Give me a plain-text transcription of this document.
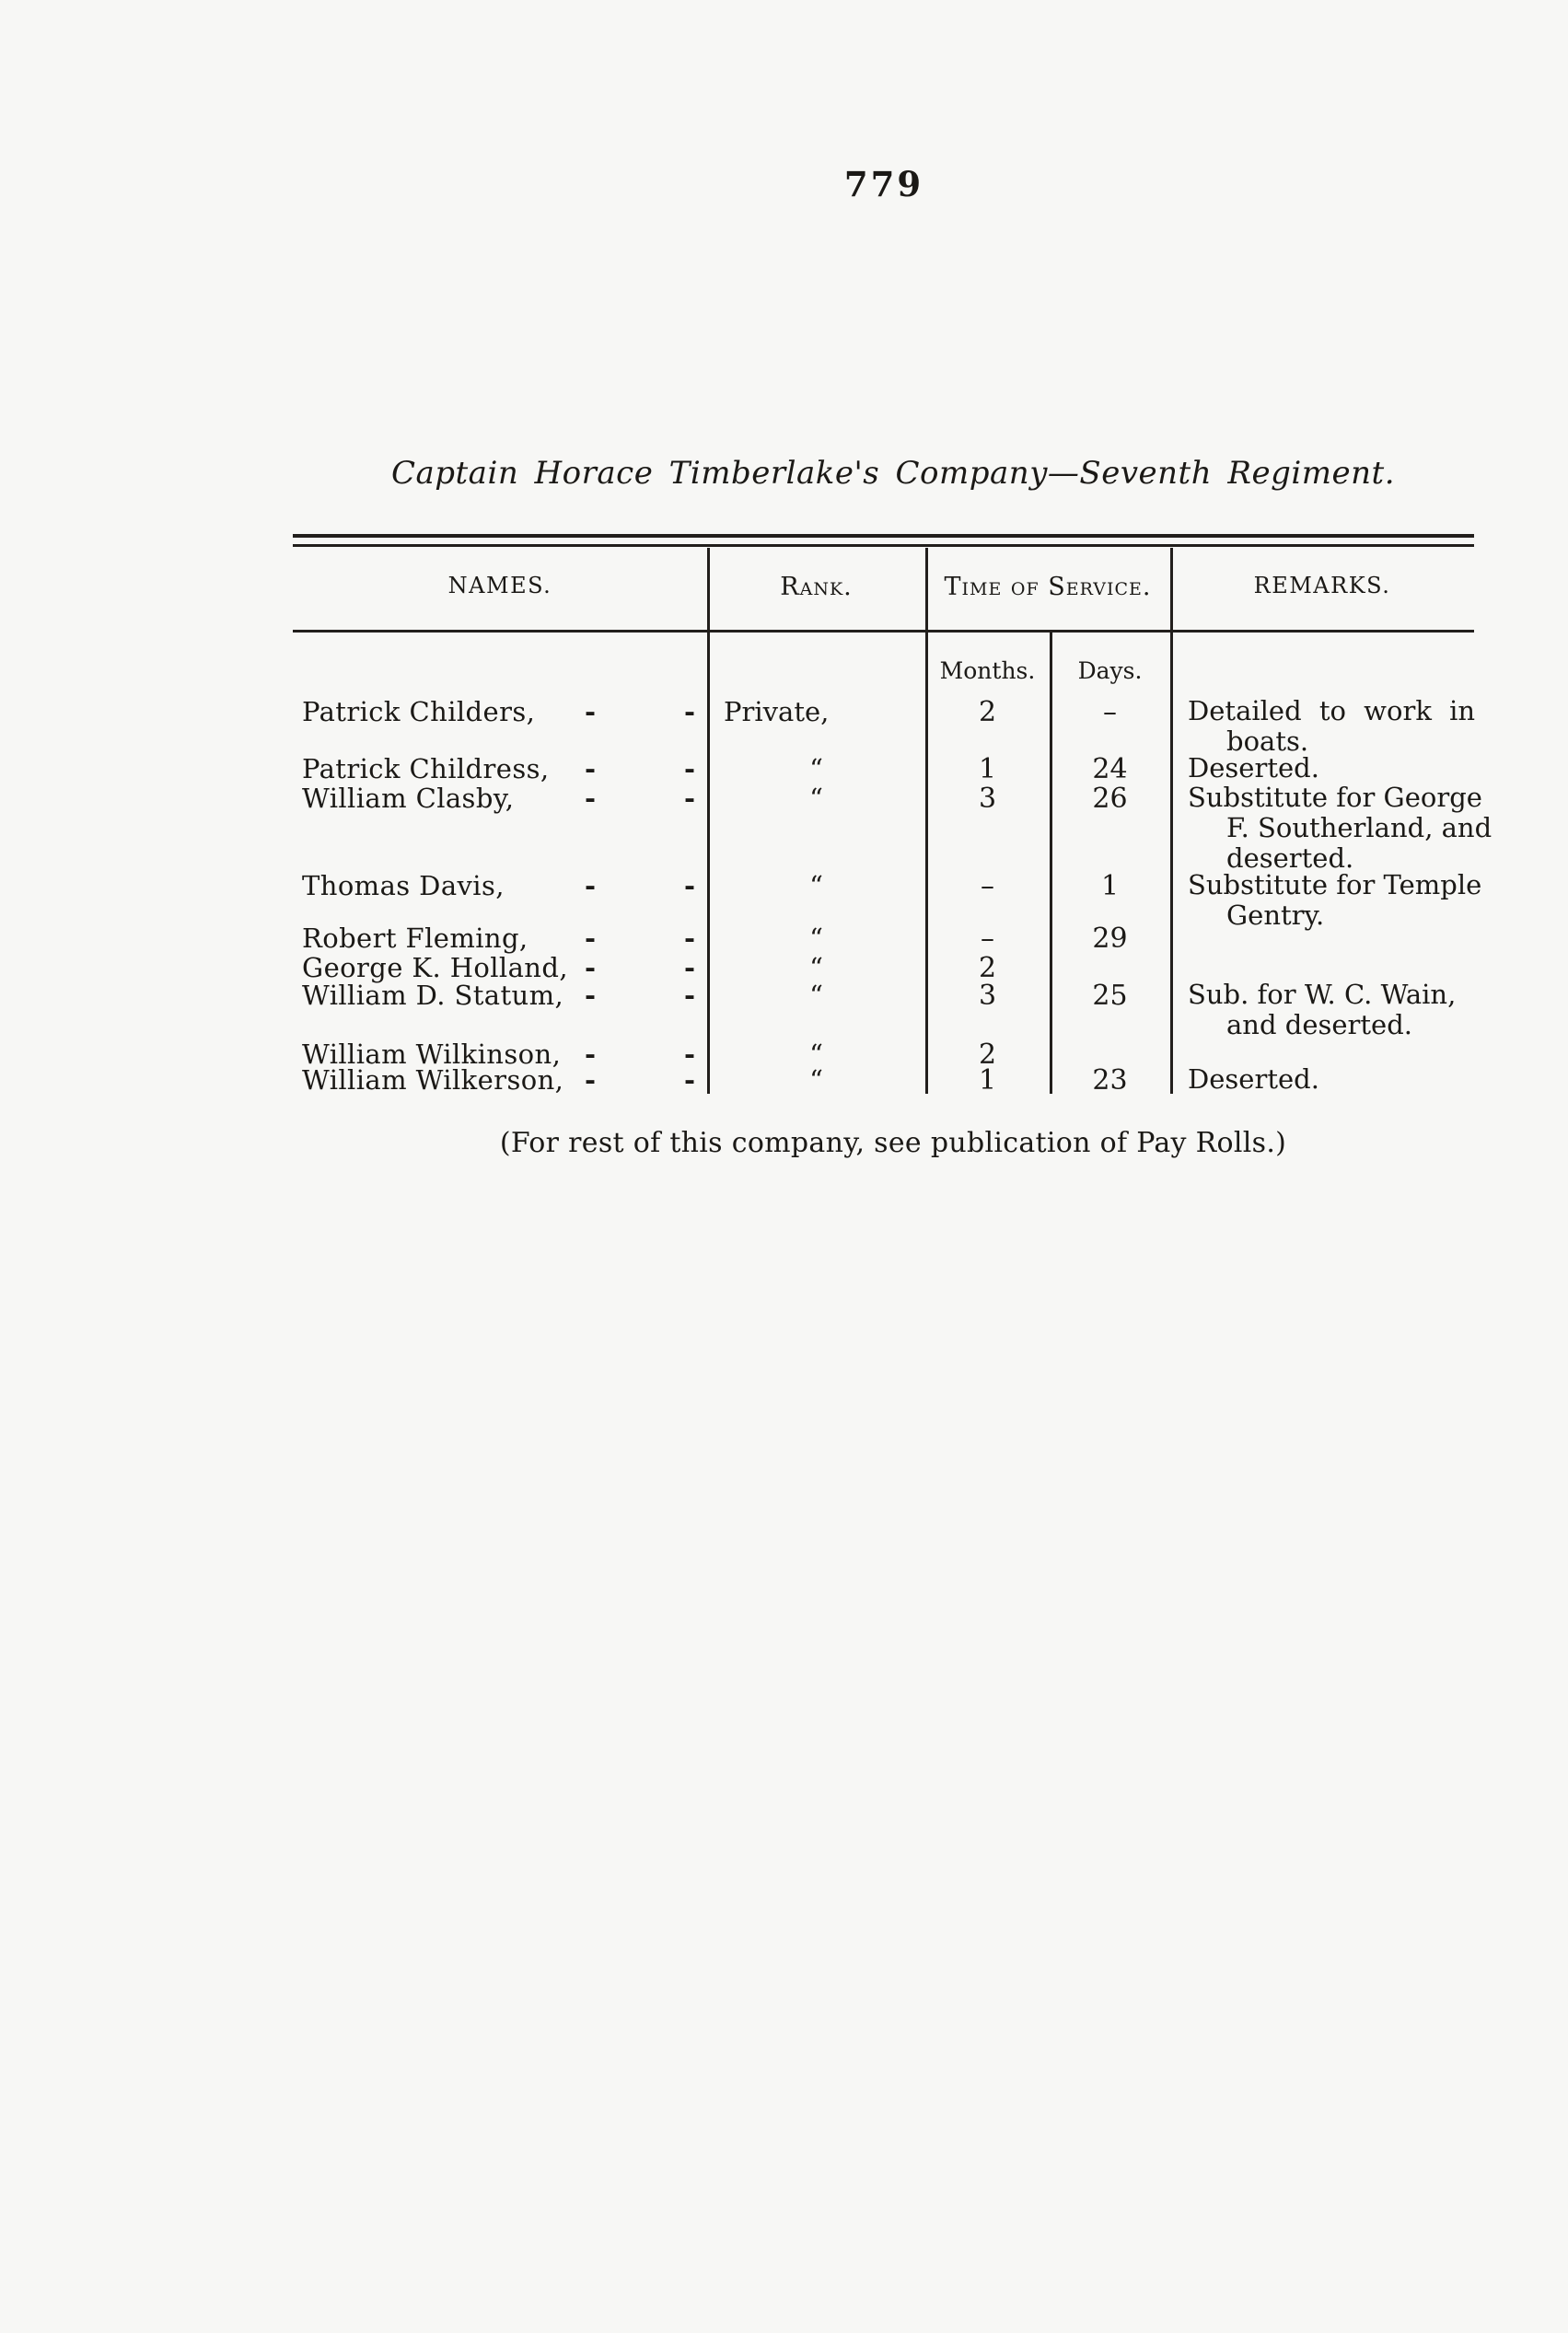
779
Captain Horace Timberlake's Company—Seventh Regiment.
NAMES.	Rank.	Time of Service.	REMARKS.
Months.	Days.
Patrick Childers, -	-	Private,	2	–	Detailed to work in
boats.
Patrick Childress, -	-	“	1	24	Deserted.
William Clasby,	-	-	“	3	26	Substitute for George
F. Southerland, and
deserted.
Thomas Davis,	-	-	“	–	1	Substitute for Temple
Gentry.
Robert Fleming, -	-	“	–	29
George K. Holland, -	-	“	2
William D. Statum, -	-	“	3	25	Sub. for W. C. Wain,
and deserted.
William Wilkinson, -	-	“	2
William Wilkerson, -	-	“	1	23	Deserted.
(For rest of this company, see publication of Pay Rolls.)
